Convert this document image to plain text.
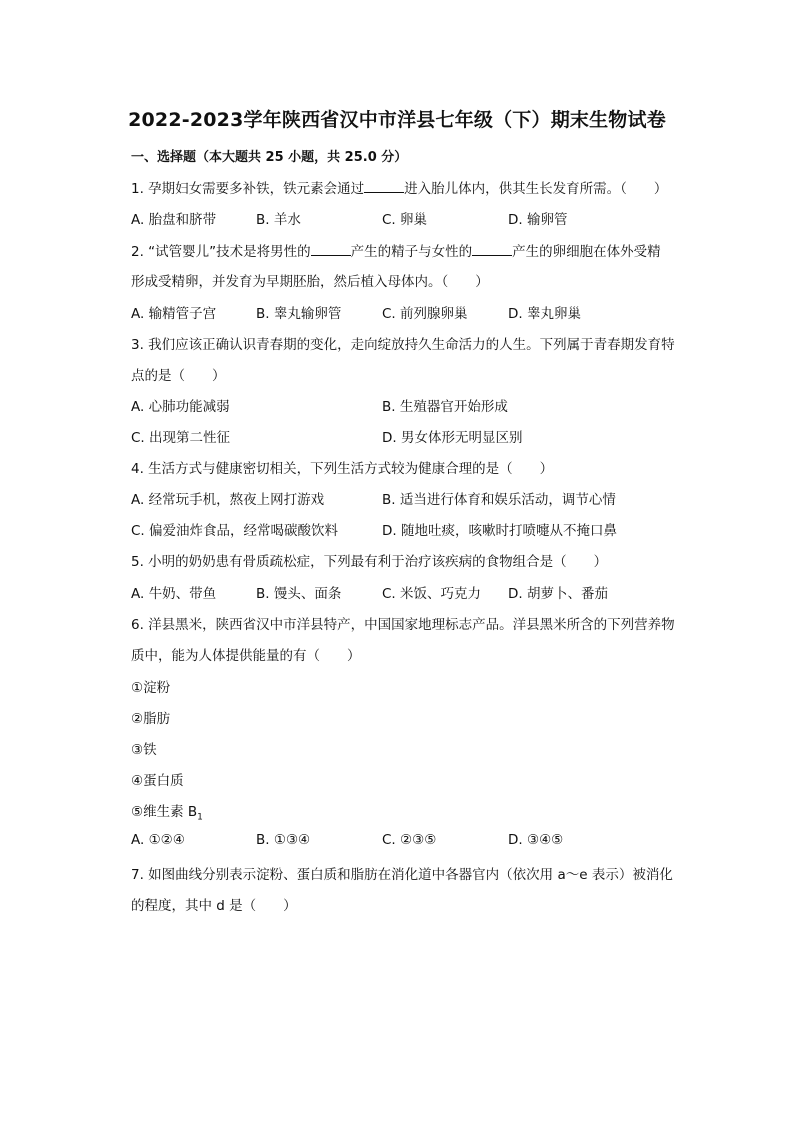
2022-2023学年陕西省汉中市洋县七年级（下）期末生物试卷
一、选择题（本大题共 25 小题，共 25.0 分）
1. 孕期妇女需要多补铁，铁元素会通过	进入胎儿体内，供其生长发育所需。（　　）
A. 胎盘和脐带	B. 羊水	C. 卵巢	D. 输卵管
2. “试管婴儿”技术是将男性的	产生的精子与女性的	产生的卵细胞在体外受精
形成受精卵，并发育为早期胚胎，然后植入母体内。（　　）
A. 输精管子宫	B. 睾丸输卵管	C. 前列腺卵巢	D. 睾丸卵巢
3. 我们应该正确认识青春期的变化，走向绽放持久生命活力的人生。下列属于青春期发育特
点的是（　　）
A. 心肺功能减弱	B. 生殖器官开始形成
C. 出现第二性征	D. 男女体形无明显区别
4. 生活方式与健康密切相关，下列生活方式较为健康合理的是（　　）
A. 经常玩手机，熬夜上网打游戏	B. 适当进行体育和娱乐活动，调节心情
C. 偏爱油炸食品，经常喝碳酸饮料	D. 随地吐痰，咳嗽时打喷嚏从不掩口鼻
5. 小明的奶奶患有骨质疏松症，下列最有利于治疗该疾病的食物组合是（　　）
A. 牛奶、带鱼	B. 馒头、面条	C. 米饭、巧克力 D. 胡萝卜、番茄
6. 洋县黑米，陕西省汉中市洋县特产，中国国家地理标志产品。洋县黑米所含的下列营养物
质中，能为人体提供能量的有（　　）
①淀粉
②脂肪
③铁
④蛋白质
⑤维生素 $B_1$
A. ①②④	B. ①③④	C. ②③⑤	D. ③④⑤
7. 如图曲线分别表示淀粉、蛋白质和脂肪在消化道中各器官内（依次用 a～e 表示）被消化
的程度，其中 d 是（　　）
